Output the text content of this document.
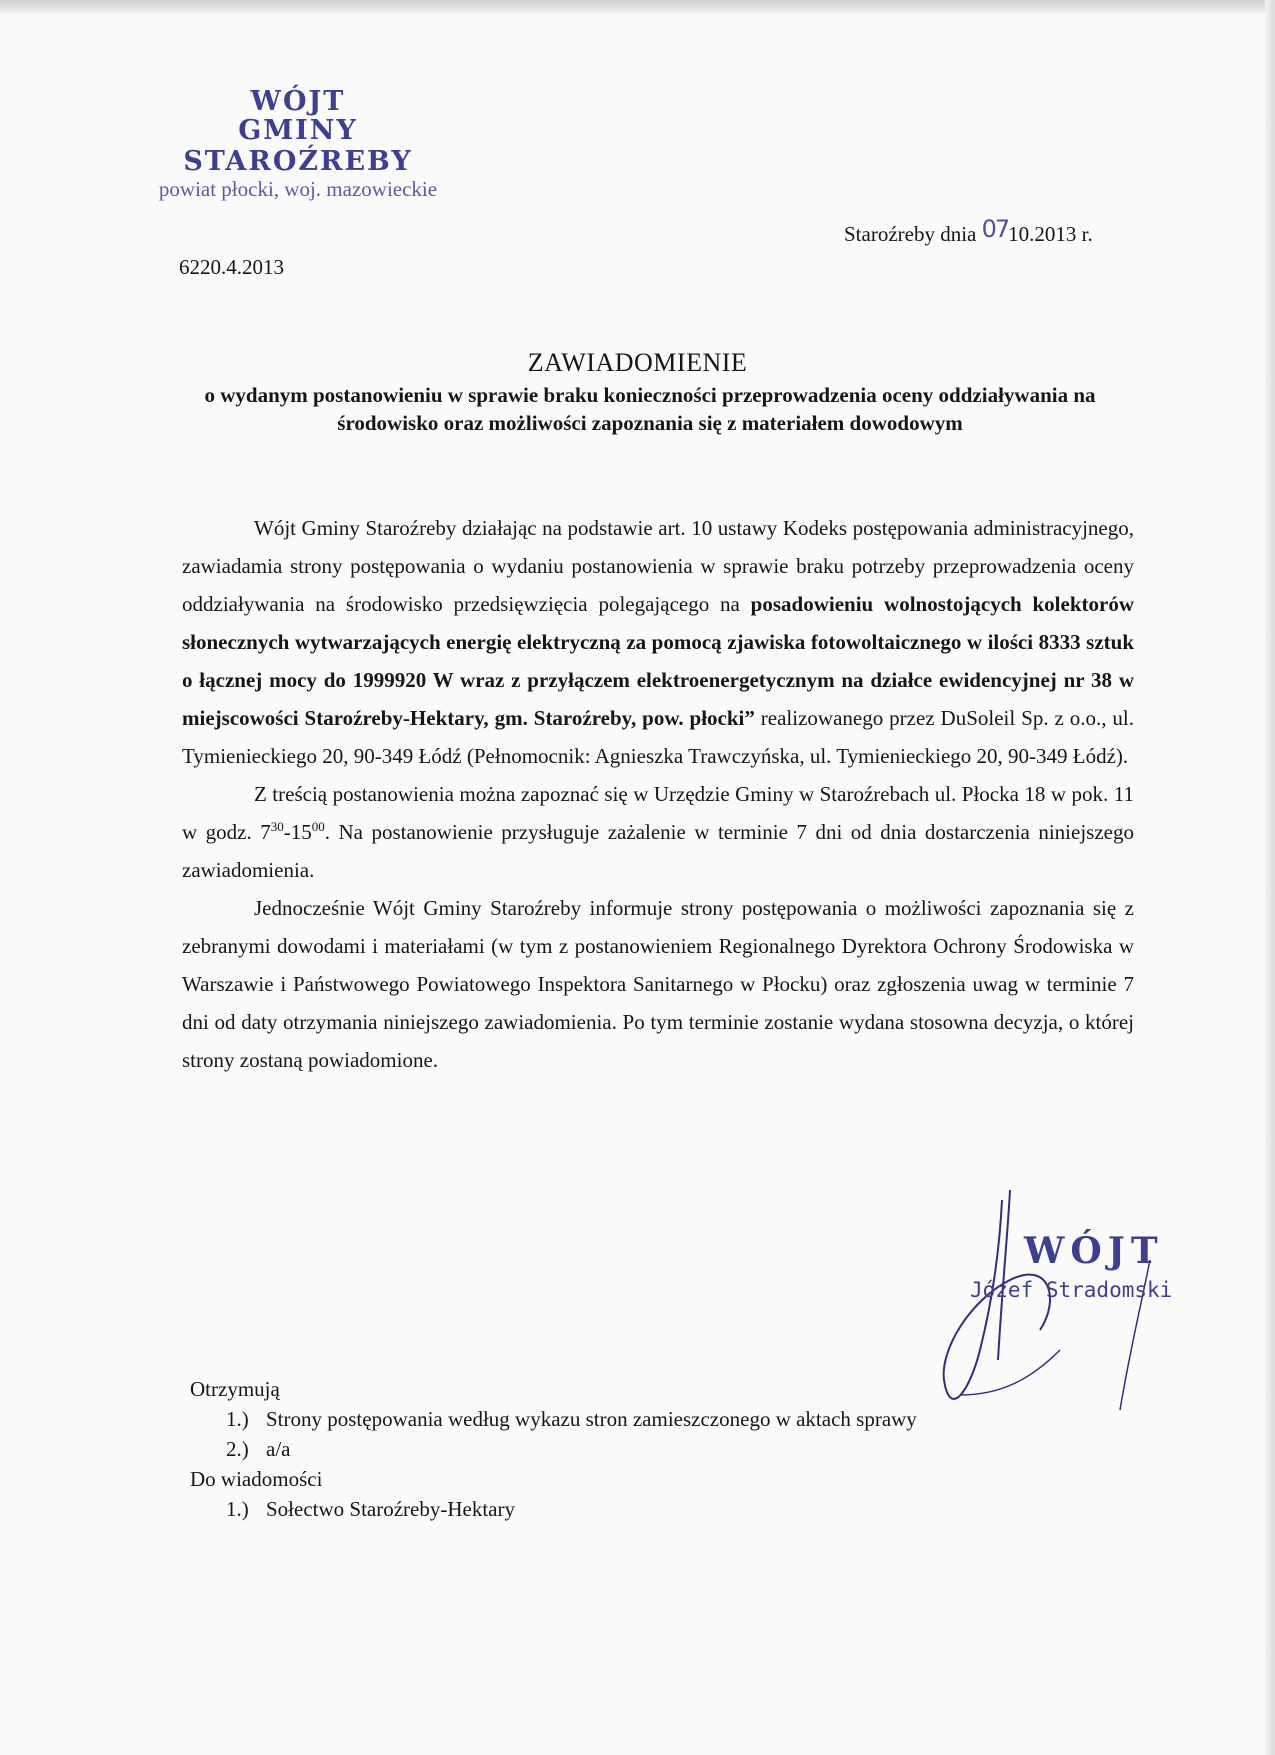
WÓJT
GMINY STAROŹREBY
powiat płocki, woj. mazowieckie
6220.4.2013
Staroźreby dnia 0710.2013 r.
ZAWIADOMIENIE
o wydanym postanowieniu w sprawie braku konieczności przeprowadzenia oceny oddziaływania na środowisko oraz możliwości zapoznania się z materiałem dowodowym

Wójt Gminy Staroźreby działając na podstawie art. 10 ustawy Kodeks postępowania administracyjnego, zawiadamia strony postępowania o wydaniu postanowienia w sprawie braku potrzeby przeprowadzenia oceny oddziaływania na środowisko przedsięwzięcia polegającego na posadowieniu wolnostojących kolektorów słonecznych wytwarzających energię elektryczną za pomocą zjawiska fotowoltaicznego w ilości 8333 sztuk o łącznej mocy do 1999920 W wraz z przyłączem elektroenergetycznym na działce ewidencyjnej nr 38 w miejscowości Staroźreby-Hektary, gm. Staroźreby, pow. płocki” realizowanego przez DuSoleil Sp. z o.o., ul. Tymienieckiego 20, 90-349 Łódź (Pełnomocnik: Agnieszka Trawczyńska, ul. Tymienieckiego 20, 90-349 Łódź).

Z treścią postanowienia można zapoznać się w Urzędzie Gminy w Staroźrebach ul. Płocka 18 w pok. 11 w godz. $7^{30}-15^{00}$. Na postanowienie przysługuje zażalenie w terminie 7 dni od dnia dostarczenia niniejszego zawiadomienia.

Jednocześnie Wójt Gminy Staroźreby informuje strony postępowania o możliwości zapoznania się z zebranymi dowodami i materiałami (w tym z postanowieniem Regionalnego Dyrektora Ochrony Środowiska w Warszawie i Państwowego Powiatowego Inspektora Sanitarnego w Płocku) oraz zgłoszenia uwag w terminie 7 dni od daty otrzymania niniejszego zawiadomienia. Po tym terminie zostanie wydana stosowna decyzja, o której strony zostaną powiadomione.

WÓJT
Józef Stradomski
Otrzymują
1.) Strony postępowania według wykazu stron zamieszczonego w aktach sprawy
2.) a/a
Do wiadomości
1.) Sołectwo Staroźreby-Hektary
